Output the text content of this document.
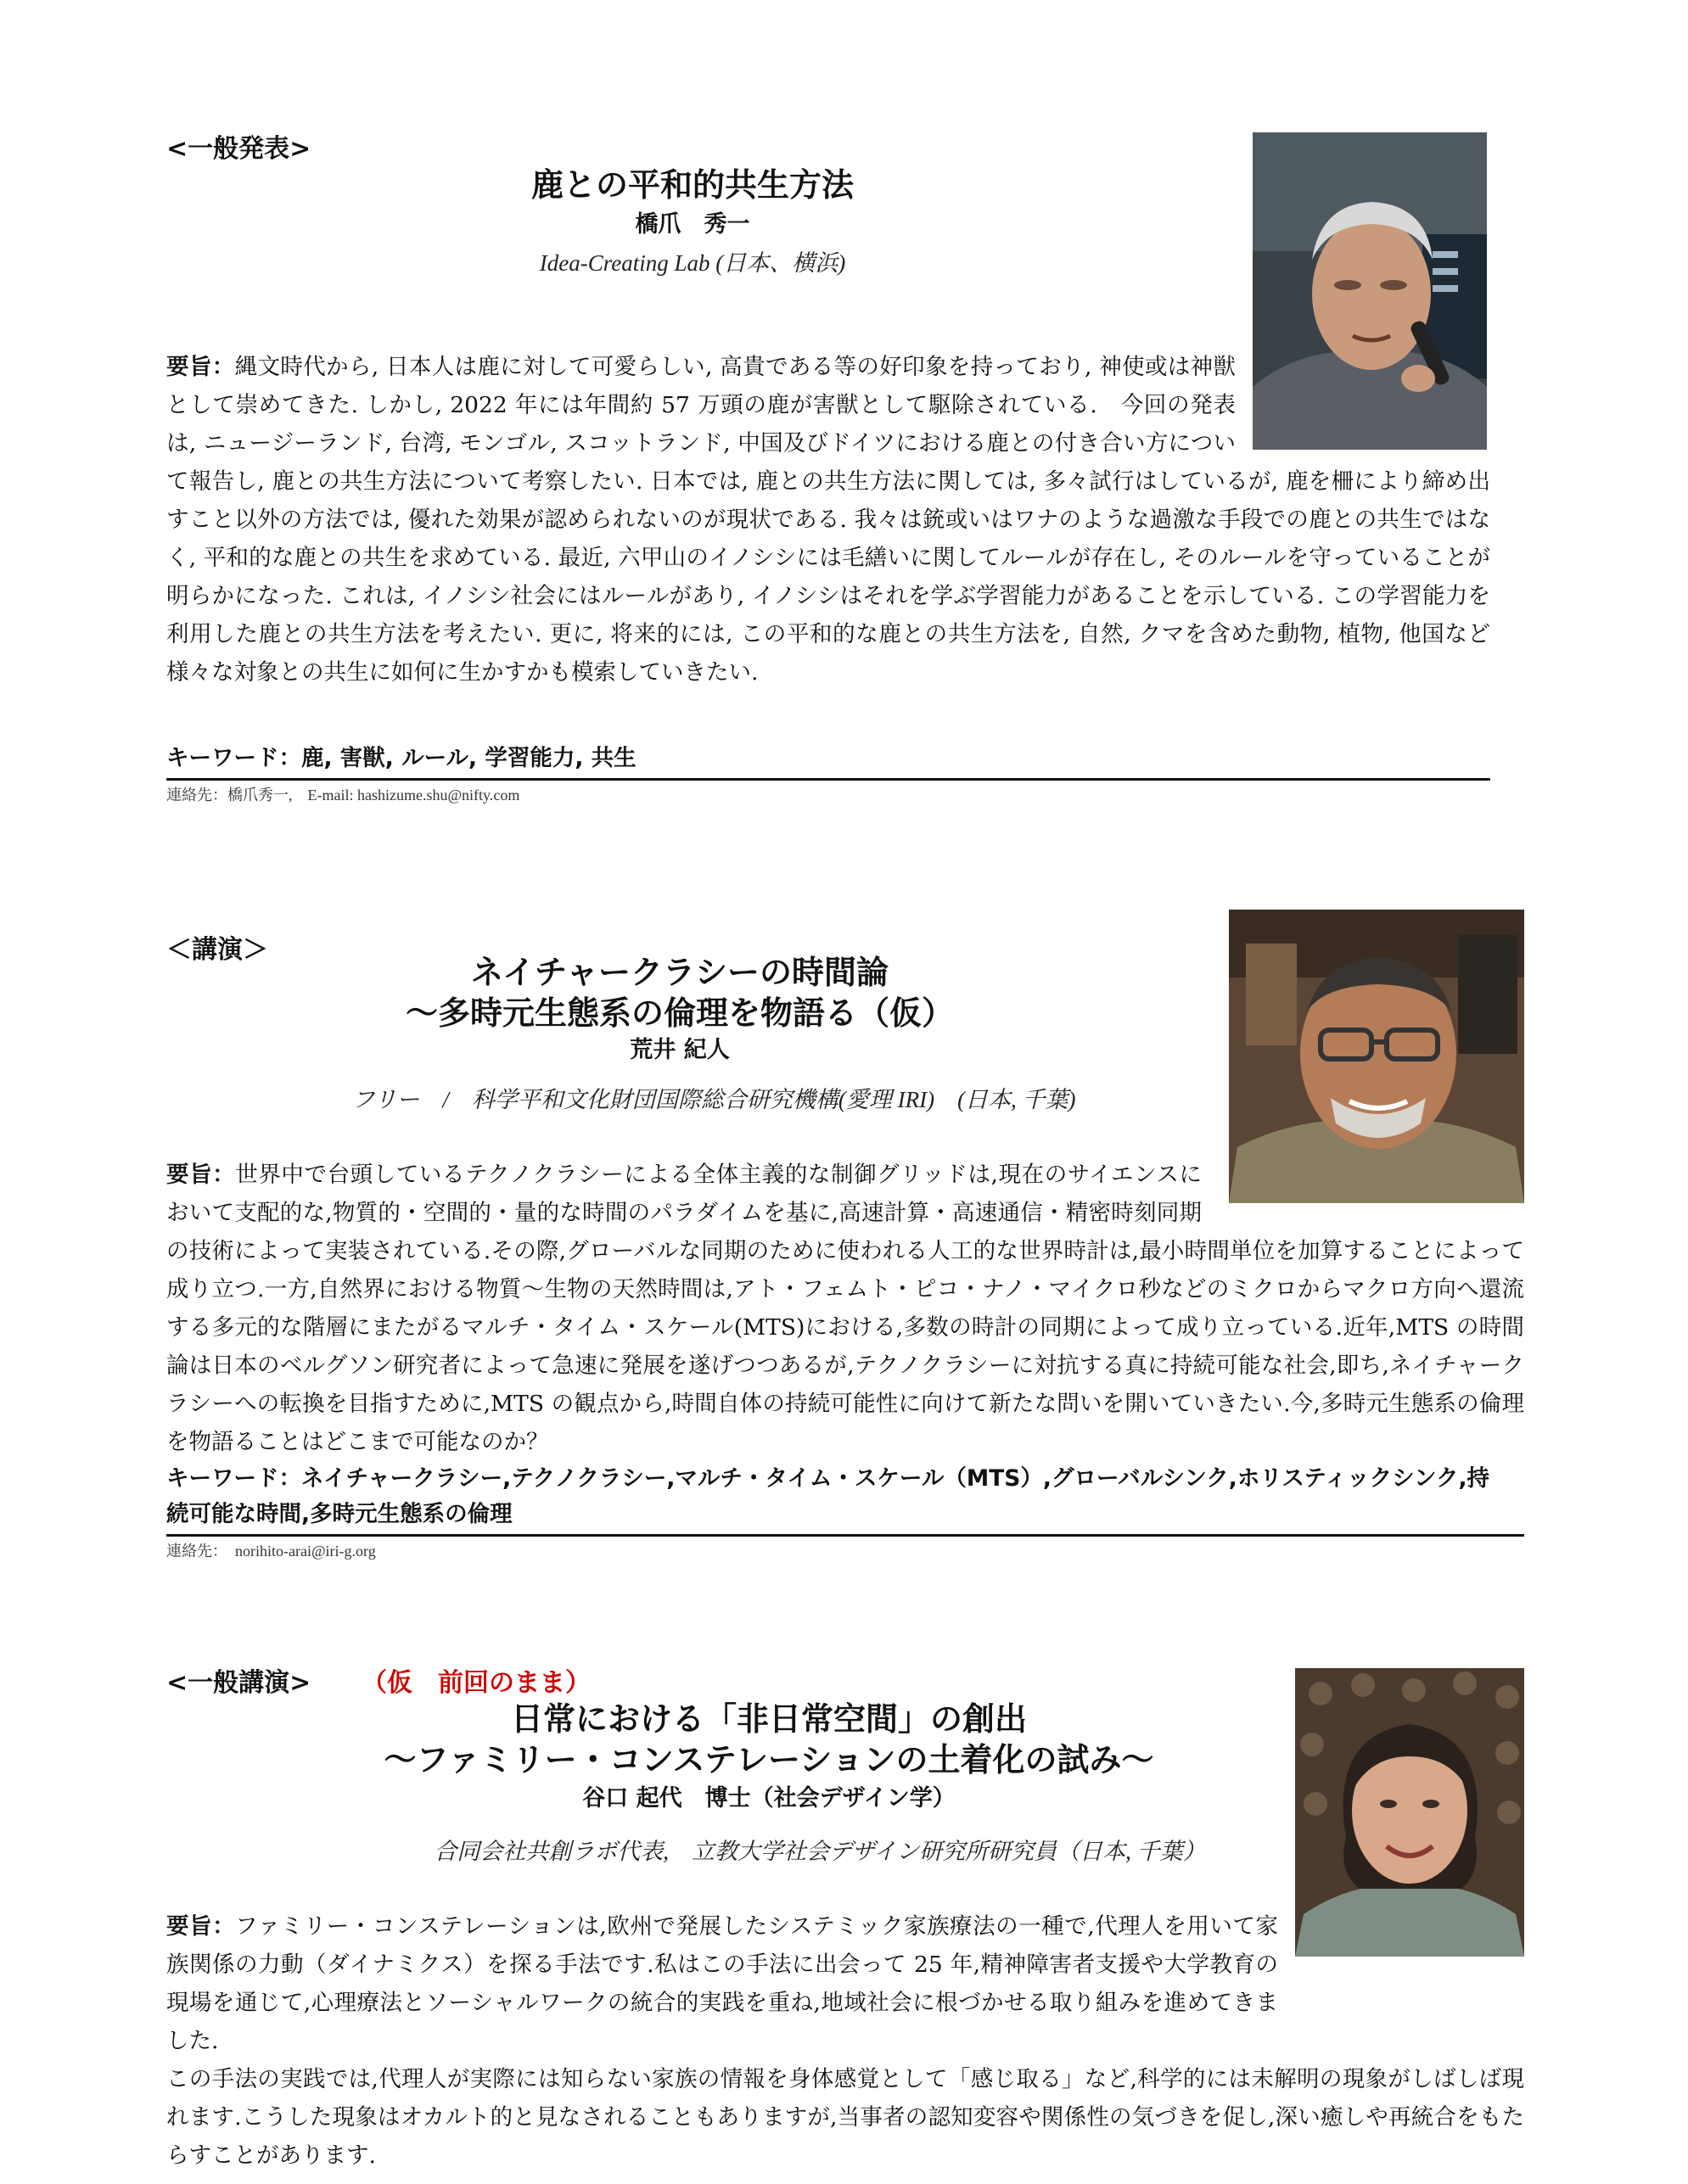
<一般発表>
鹿との平和的共生方法
橋爪　秀一
Idea-Creating Lab (日本、横浜)

要旨：縄文時代から, 日本人は鹿に対して可愛らしい, 高貴である等の好印象を持っており, 神使或は神獣として崇めてきた. しかし, 2022 年には年間約 57 万頭の鹿が害獣として駆除されている.　今回の発表は, ニュージーランド, 台湾, モンゴル, スコットランド, 中国及びドイツにおける鹿との付き合い方について報告し, 鹿との共生方法について考察したい. 日本では, 鹿との共生方法に関しては, 多々試行はしているが, 鹿を柵により締め出すこと以外の方法では, 優れた効果が認められないのが現状である. 我々は銃或いはワナのような過激な手段での鹿との共生ではなく, 平和的な鹿との共生を求めている. 最近, 六甲山のイノシシには毛繕いに関してルールが存在し, そのルールを守っていることが明らかになった. これは, イノシシ社会にはルールがあり, イノシシはそれを学ぶ学習能力があることを示している. この学習能力を利用した鹿との共生方法を考えたい. 更に, 将来的には, この平和的な鹿との共生方法を, 自然, クマを含めた動物, 植物, 他国など様々な対象との共生に如何に生かすかも模索していきたい.

キーワード：鹿, 害獣, ルール, 学習能力, 共生
連絡先：橋爪秀一,　E-mail: hashizume.shu@nifty.com
＜講演＞
ネイチャークラシーの時間論
～多時元生態系の倫理を物語る（仮）
荒井 紀人
フリー　/　科学平和文化財団国際総合研究機構(愛理 IRI)　(日本, 千葉)

要旨：世界中で台頭しているテクノクラシーによる全体主義的な制御グリッドは,現在のサイエンスにおいて支配的な,物質的・空間的・量的な時間のパラダイムを基に,高速計算・高速通信・精密時刻同期の技術によって実装されている.その際,グローバルな同期のために使われる人工的な世界時計は,最小時間単位を加算することによって成り立つ.一方,自然界における物質～生物の天然時間は,アト・フェムト・ピコ・ナノ・マイクロ秒などのミクロからマクロ方向へ還流する多元的な階層にまたがるマルチ・タイム・スケール(MTS)における,多数の時計の同期によって成り立っている.近年,MTS の時間論は日本のベルグソン研究者によって急速に発展を遂げつつあるが,テクノクラシーに対抗する真に持続可能な社会,即ち,ネイチャークラシーへの転換を目指すために,MTS の観点から,時間自体の持続可能性に向けて新たな問いを開いていきたい.今,多時元生態系の倫理を物語ることはどこまで可能なのか？

キーワード：ネイチャークラシー,テクノクラシー,マルチ・タイム・スケール（MTS）,グローバルシンク,ホリスティックシンク,持続可能な時間,多時元生態系の倫理
連絡先：　norihito-arai@iri-g.org
<一般講演> （仮　前回のまま）
日常における「非日常空間」の創出
～ファミリー・コンステレーションの土着化の試み～
谷口 起代　博士（社会デザイン学）
合同会社共創ラボ代表,　立教大学社会デザイン研究所研究員（日本, 千葉）

要旨：ファミリー・コンステレーションは,欧州で発展したシステミック家族療法の一種で,代理人を用いて家族関係の力動（ダイナミクス）を探る手法です.私はこの手法に出会って 25 年,精神障害者支援や大学教育の現場を通じて,心理療法とソーシャルワークの統合的実践を重ね,地域社会に根づかせる取り組みを進めてきました.

この手法の実践では,代理人が実際には知らない家族の情報を身体感覚として「感じ取る」など,科学的には未解明の現象がしばしば現れます.こうした現象はオカルト的と見なされることもありますが,当事者の認知変容や関係性の気づきを促し,深い癒しや再統合をもたらすことがあります.
